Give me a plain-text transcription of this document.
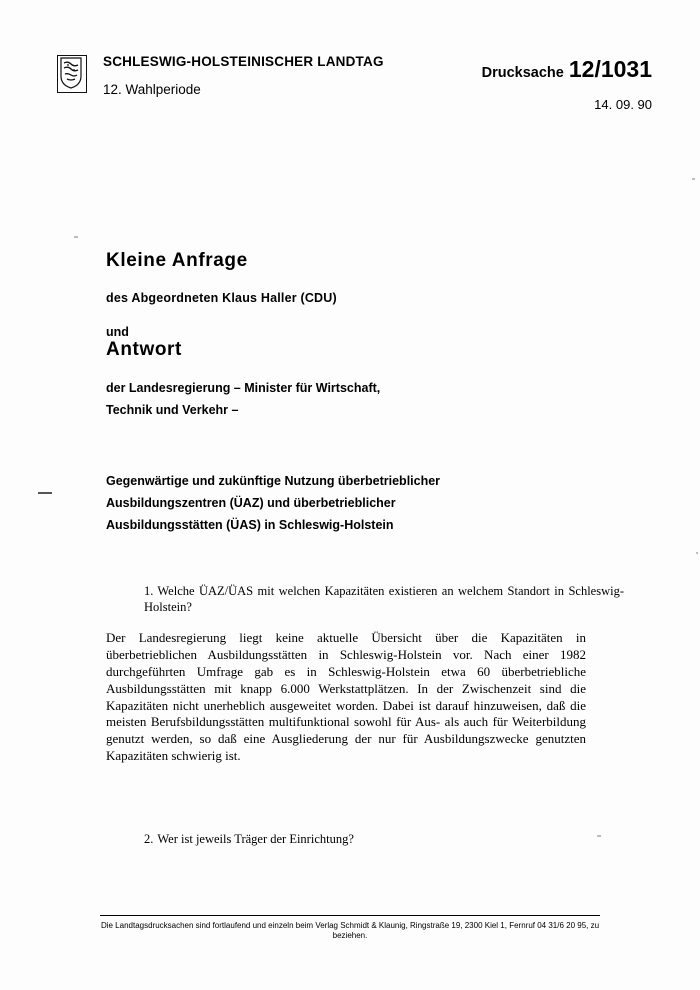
SCHLESWIG-HOLSTEINISCHER LANDTAG
12. Wahlperiode
Drucksache 12/1031
14. 09. 90
Kleine Anfrage
des Abgeordneten Klaus Haller (CDU)
und
Antwort
der Landesregierung – Minister für Wirtschaft,
Technik und Verkehr –
Gegenwärtige und zukünftige Nutzung überbetrieblicher
Ausbildungszentren (ÜAZ) und überbetrieblicher
Ausbildungsstätten (ÜAS) in Schleswig-Holstein
1. Welche ÜAZ/ÜAS mit welchen Kapazitäten existieren an welchem Standort in Schleswig-Holstein?
Der Landesregierung liegt keine aktuelle Übersicht über die Kapazitäten in überbetrieblichen Ausbildungsstätten in Schleswig-Holstein vor. Nach einer 1982 durchgeführten Umfrage gab es in Schleswig-Holstein etwa 60 überbetriebliche Ausbildungsstätten mit knapp 6.000 Werkstattplätzen. In der Zwischenzeit sind die Kapazitäten nicht unerheblich ausgeweitet worden. Dabei ist darauf hinzuweisen, daß die meisten Berufsbildungsstätten multifunktional sowohl für Aus- als auch für Weiterbildung genutzt werden, so daß eine Ausgliederung der nur für Ausbildungszwecke genutzten Kapazitäten schwierig ist.
2. Wer ist jeweils Träger der Einrichtung?
Die Landtagsdrucksachen sind fortlaufend und einzeln beim Verlag Schmidt & Klaunig, Ringstraße 19, 2300 Kiel 1, Fernruf 04 31/6 20 95, zu beziehen.
